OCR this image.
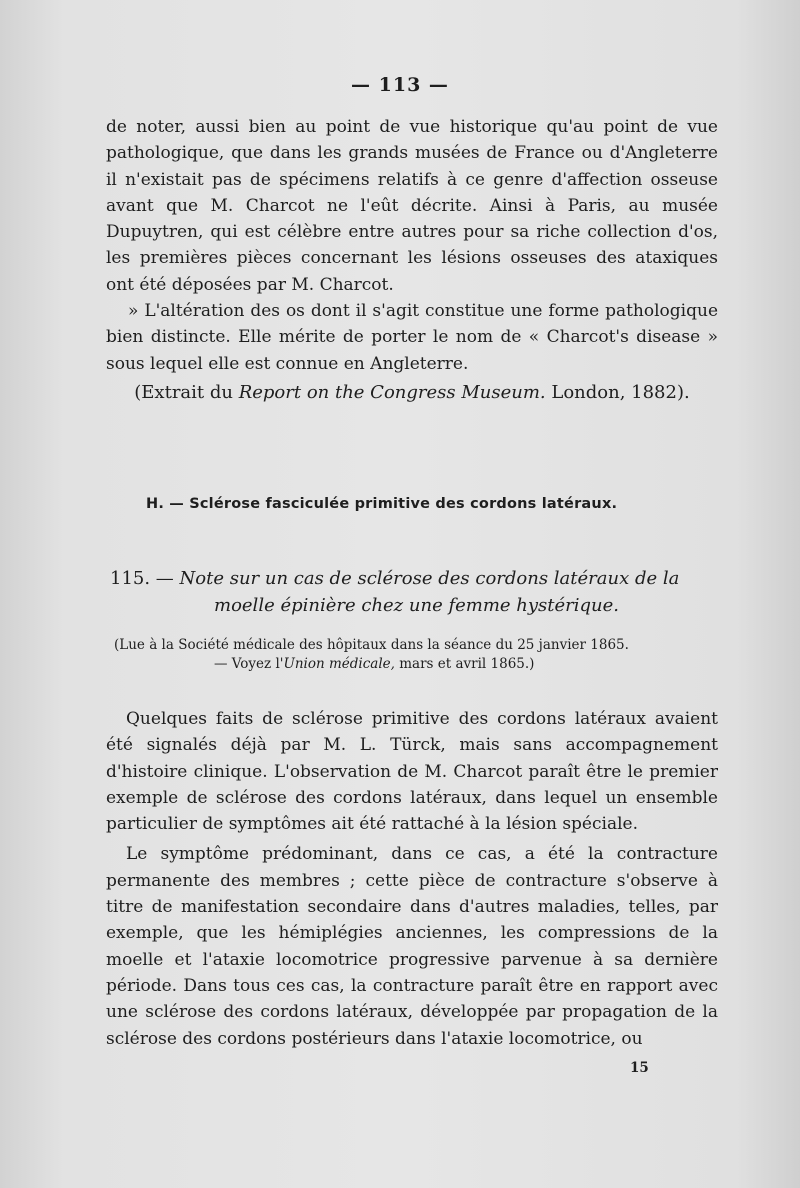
— 113 —

de noter, aussi bien au point de vue historique qu'au point de vue pathologique, que dans les grands musées de France ou d'Angleterre il n'existait pas de spécimens relatifs à ce genre d'affection osseuse avant que M. Charcot ne l'eût décrite. Ainsi à Paris, au musée Dupuytren, qui est célèbre entre autres pour sa riche collection d'os, les premières pièces concernant les lésions osseuses des ataxiques ont été déposées par M. Charcot.

» L'altération des os dont il s'agit constitue une forme pathologique bien distincte. Elle mérite de porter le nom de « Charcot's disease » sous lequel elle est connue en Angleterre.

(Extrait du Report on the Congress Museum. London, 1882).

H. — Sclérose fasciculée primitive des cordons latéraux.
115. — Note sur un cas de sclérose des cordons latéraux de la
moelle épinière chez une femme hystérique.
(Lue à la Société médicale des hôpitaux dans la séance du 25 janvier 1865.
— Voyez l'Union médicale, mars et avril 1865.)

Quelques faits de sclérose primitive des cordons latéraux avaient été signalés déjà par M. L. Türck, mais sans accompagnement d'histoire clinique. L'observation de M. Charcot paraît être le premier exemple de sclérose des cordons latéraux, dans lequel un ensemble particulier de symptômes ait été rattaché à la lésion spéciale.

Le symptôme prédominant, dans ce cas, a été la contracture permanente des membres ; cette pièce de contracture s'observe à titre de manifestation secondaire dans d'autres maladies, telles, par exemple, que les hémiplégies anciennes, les compressions de la moelle et l'ataxie locomotrice progressive parvenue à sa dernière période. Dans tous ces cas, la contracture paraît être en rapport avec une sclérose des cordons latéraux, développée par propagation de la sclérose des cordons postérieurs dans l'ataxie locomotrice, ou

15
